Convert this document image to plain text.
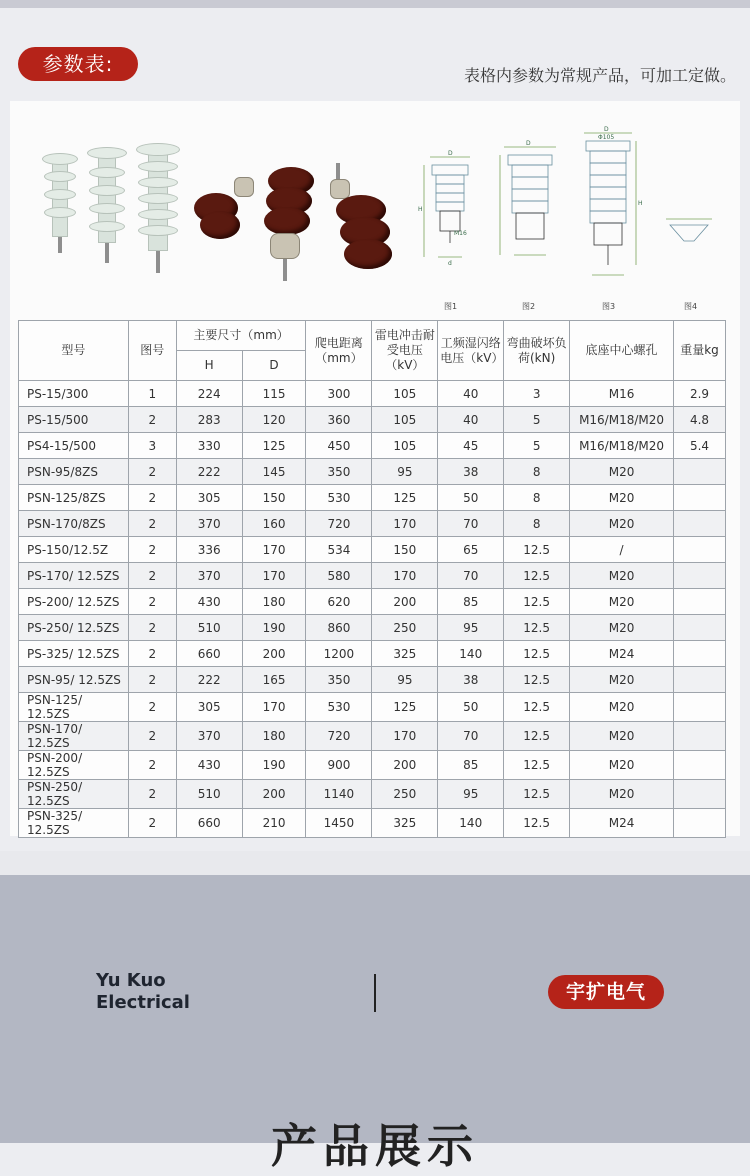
参数表:	表格内参数为常规产品，可加工定做。
D
H
d
M16
D
D
Φ105
H
图1	图2	图3	图4
型号	图号	主要尺寸（mm）		爬电距离（mm）	雷电冲击耐受电压（kV）	工频湿闪络电压（kV）	弯曲破坏负荷(kN)	底座中心螺孔	重量kg
		H	D						
PS-15/300	1	224	115	300	105	40	3	M16	2.9
PS-15/500	2	283	120	360	105	40	5	M16/M18/M20	4.8
PS4-15/500	3	330	125	450	105	45	5	M16/M18/M20	5.4
PSN-95/8ZS	2	222	145	350	95	38	8	M20	
PSN-125/8ZS	2	305	150	530	125	50	8	M20	
PSN-170/8ZS	2	370	160	720	170	70	8	M20	
PS-150/12.5Z	2	336	170	534	150	65	12.5	/	
PS-170/ 12.5ZS	2	370	170	580	170	70	12.5	M20	
PS-200/ 12.5ZS	2	430	180	620	200	85	12.5	M20	
PS-250/ 12.5ZS	2	510	190	860	250	95	12.5	M20	
PS-325/ 12.5ZS	2	660	200	1200	325	140	12.5	M24	
PSN-95/ 12.5ZS	2	222	165	350	95	38	12.5	M20	
PSN-125/ 12.5ZS	2	305	170	530	125	50	12.5	M20	
PSN-170/ 12.5ZS	2	370	180	720	170	70	12.5	M20	
PSN-200/ 12.5ZS	2	430	190	900	200	85	12.5	M20	
PSN-250/ 12.5ZS	2	510	200	1140	250	95	12.5	M20	
PSN-325/ 12.5ZS	2	660	210	1450	325	140	12.5	M24	
Yu Kuo
Electrical	宇扩电气
产品展示
